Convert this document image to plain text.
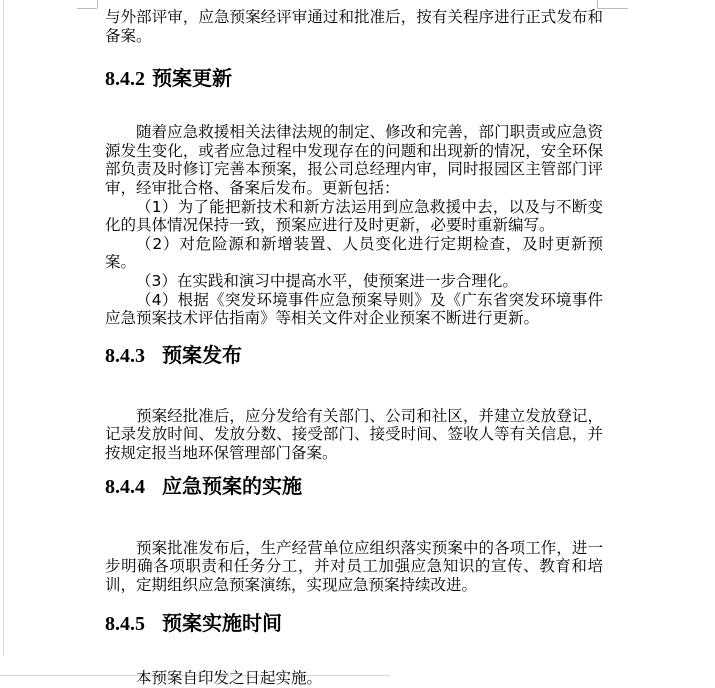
与外部评审，应急预案经评审通过和批准后，按有关程序进行正式发布和备案。

8.4.2 预案更新

随着应急救援相关法律法规的制定、修改和完善，部门职责或应急资源发生变化，或者应急过程中发现存在的问题和出现新的情况，安全环保部负责及时修订完善本预案，报公司总经理内审，同时报园区主管部门评审，经审批合格、备案后发布。更新包括：

（1）为了能把新技术和新方法运用到应急救援中去，以及与不断变化的具体情况保持一致，预案应进行及时更新，必要时重新编写。

（2）对危险源和新增装置、人员变化进行定期检查，及时更新预案。

（3）在实践和演习中提高水平，使预案进一步合理化。

（4）根据《突发环境事件应急预案导则》及《广东省突发环境事件应急预案技术评估指南》等相关文件对企业预案不断进行更新。

8.4.3 预案发布

预案经批准后，应分发给有关部门、公司和社区，并建立发放登记，记录发放时间、发放分数、接受部门、接受时间、签收人等有关信息，并按规定报当地环保管理部门备案。

8.4.4 应急预案的实施

预案批准发布后，生产经营单位应组织落实预案中的各项工作，进一步明确各项职责和任务分工，并对员工加强应急知识的宣传、教育和培训，定期组织应急预案演练，实现应急预案持续改进。

8.4.5 预案实施时间

本预案自印发之日起实施。
